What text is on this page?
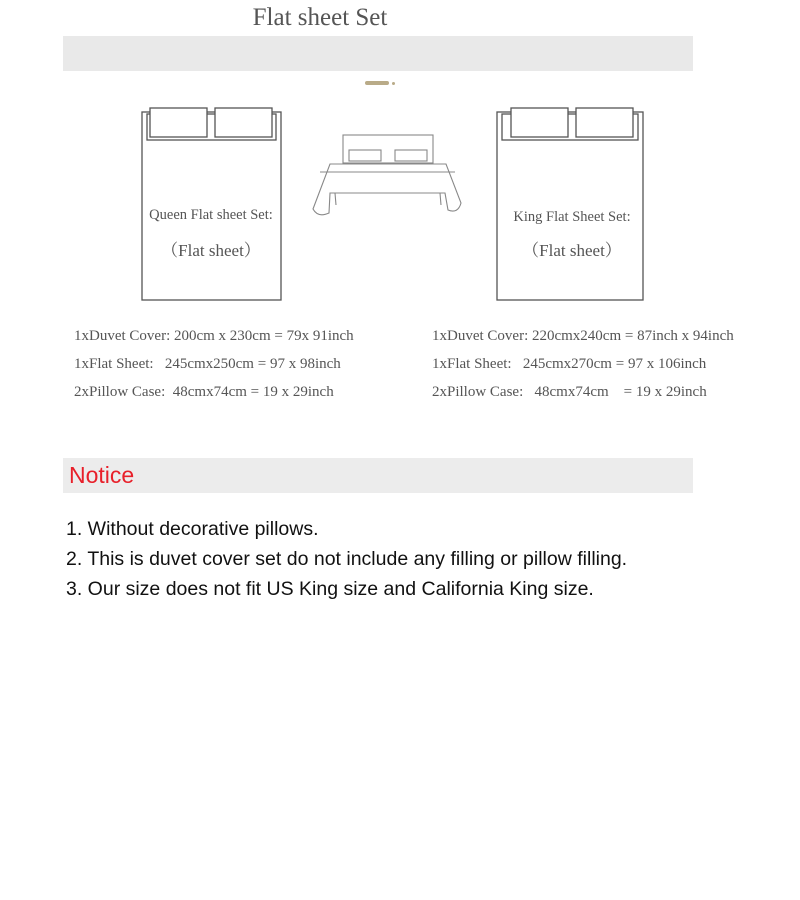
Flat sheet Set
Queen Flat sheet Set:
（Flat sheet）
King Flat Sheet Set:
（Flat sheet）
1xDuvet Cover: 200cm x 230cm = 79x 91inch
1xFlat Sheet:   245cmx250cm = 97 x 98inch
2xPillow Case:  48cmx74cm = 19 x 29inch
1xDuvet Cover: 220cmx240cm = 87inch x 94inch
1xFlat Sheet:   245cmx270cm = 97 x 106inch
2xPillow Case:   48cmx74cm    = 19 x 29inch
Notice
1. Without decorative pillows.
2. This is duvet cover set do not include any filling or pillow filling.
3. Our size does not fit US King size and California King size.
